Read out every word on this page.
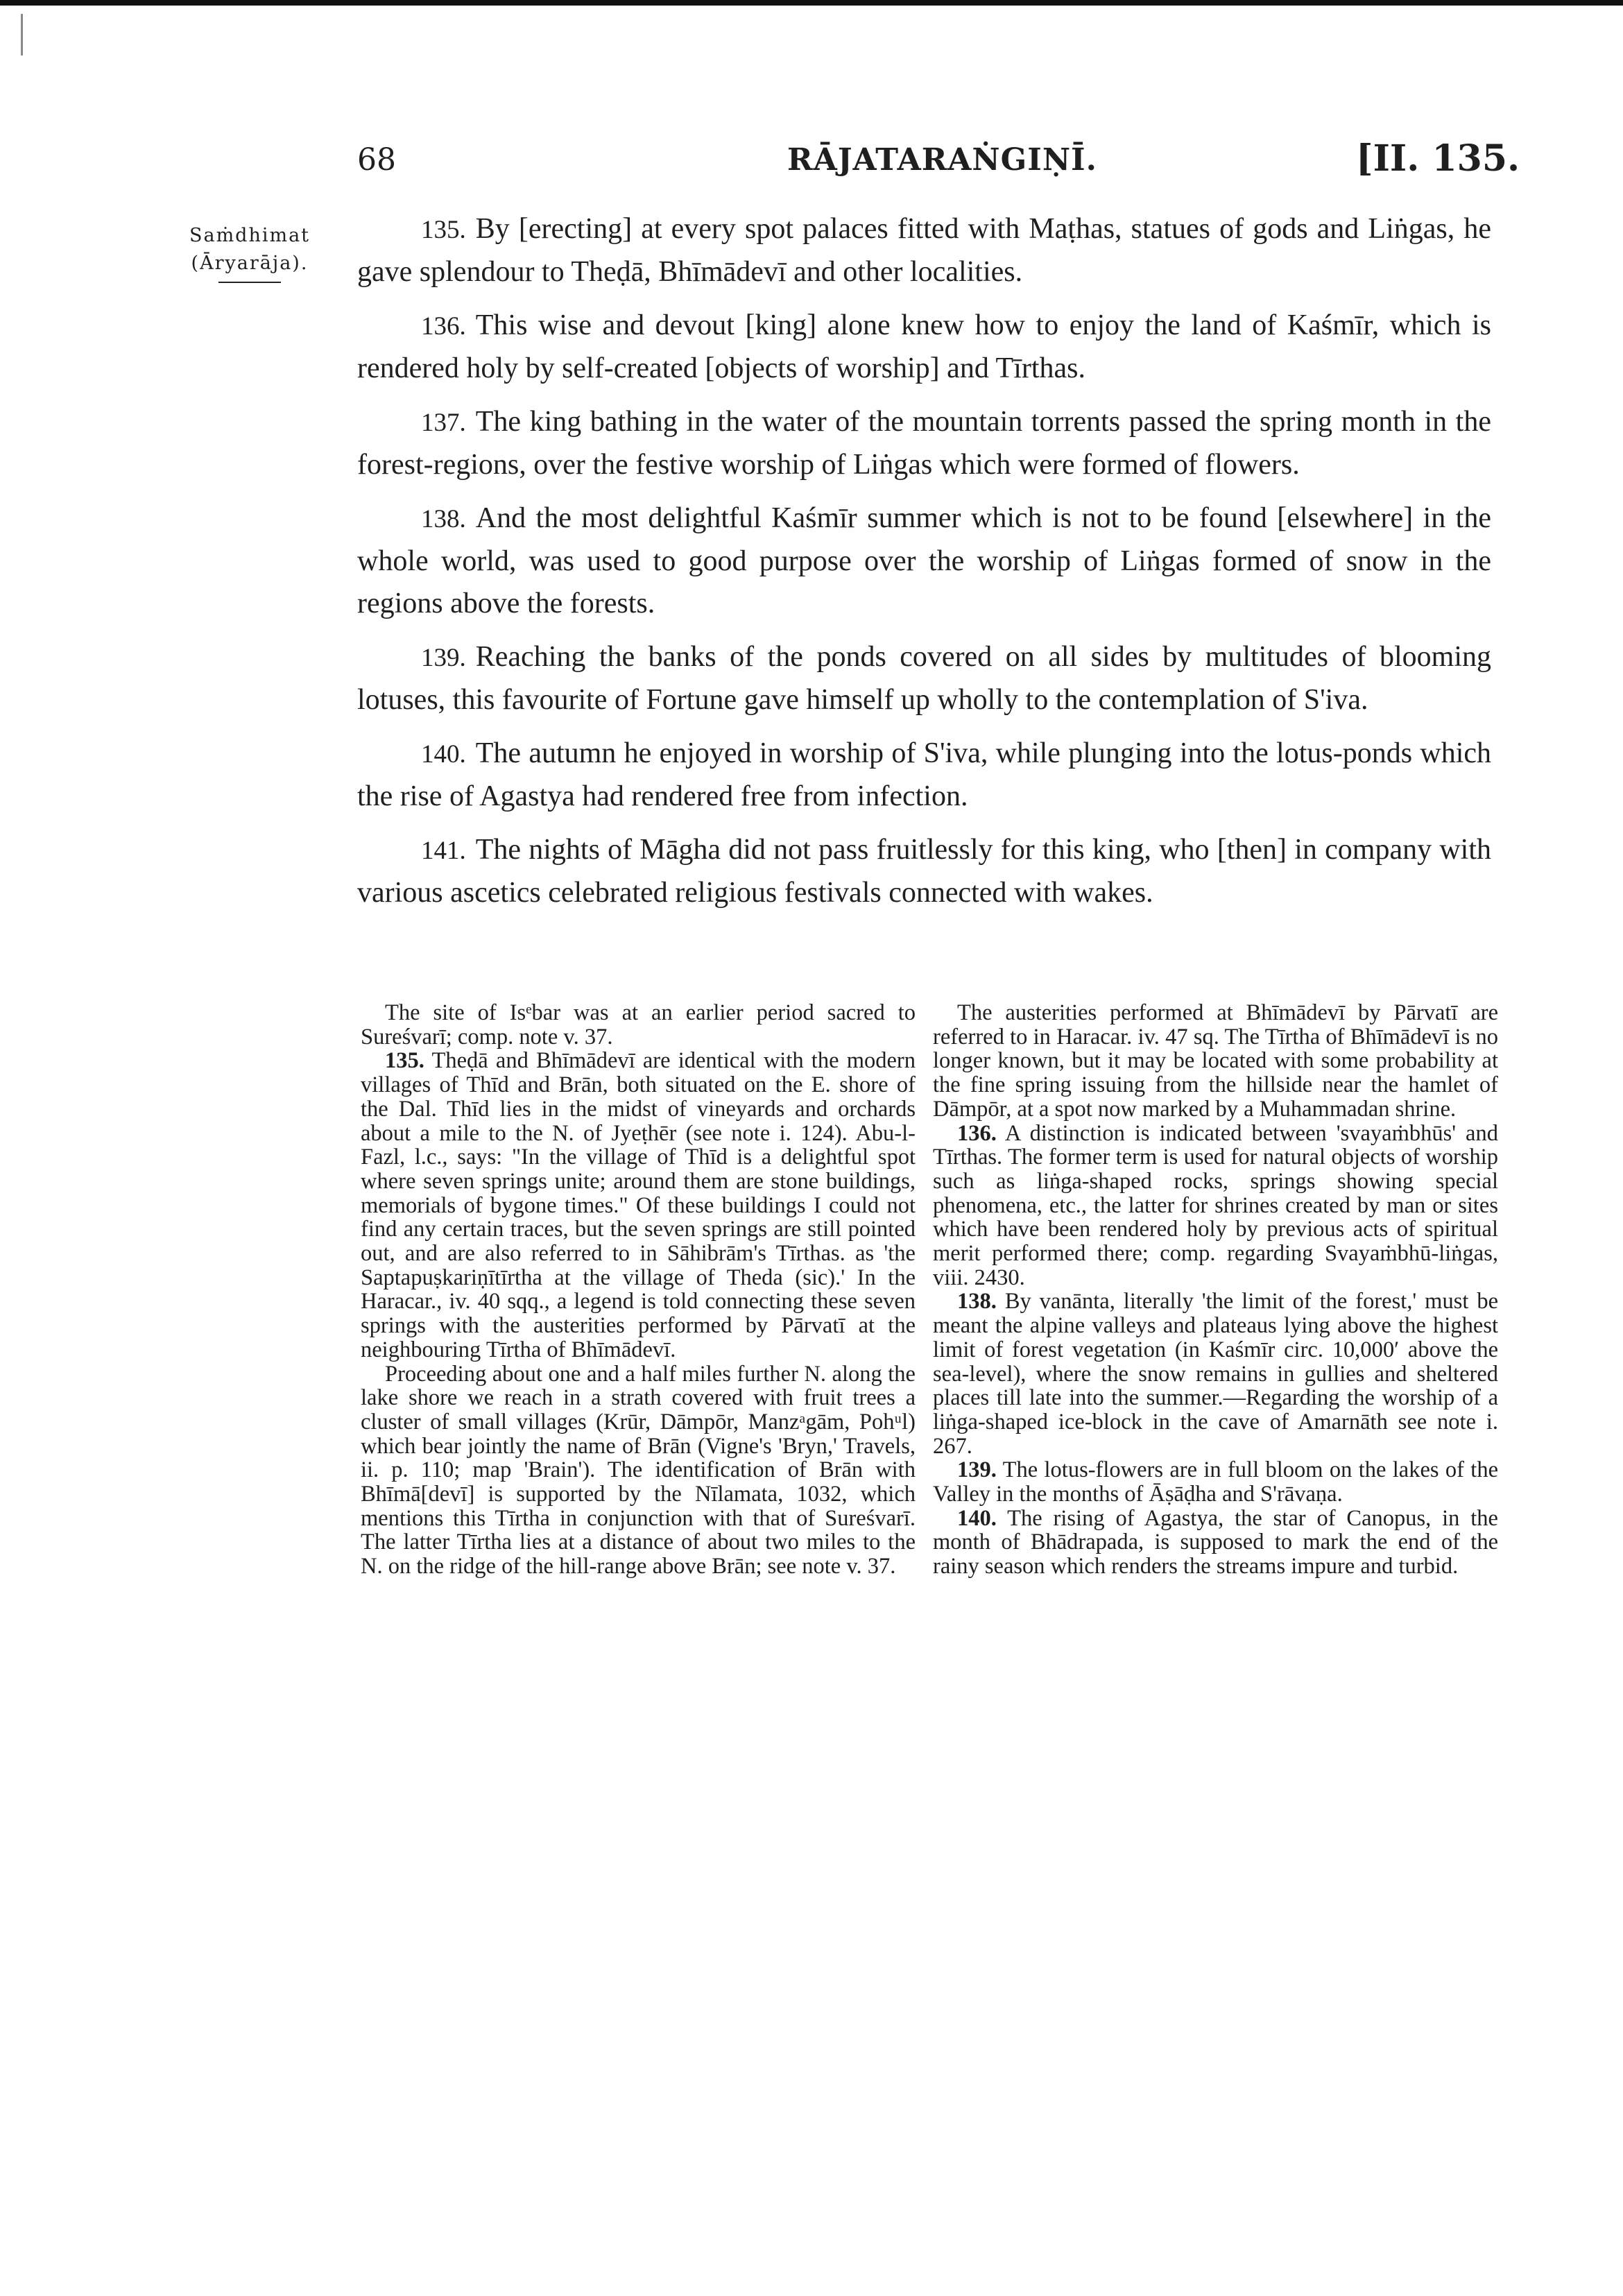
68	RĀJATARAṄGIṆĪ.	[II. 135.
Saṁdhimat
(Āryarāja).

135. By [erecting] at every spot palaces fitted with Maṭhas, statues of gods and Liṅgas, he gave splendour to Theḍā, Bhīmādevī and other localities.

136. This wise and devout [king] alone knew how to enjoy the land of Kaśmīr, which is rendered holy by self-created [objects of worship] and Tīrthas.

137. The king bathing in the water of the mountain torrents passed the spring month in the forest-regions, over the festive worship of Liṅgas which were formed of flowers.

138. And the most delightful Kaśmīr summer which is not to be found [elsewhere] in the whole world, was used to good purpose over the worship of Liṅgas formed of snow in the regions above the forests.

139. Reaching the banks of the ponds covered on all sides by multitudes of blooming lotuses, this favourite of Fortune gave himself up wholly to the contemplation of S'iva.

140. The autumn he enjoyed in worship of S'iva, while plunging into the lotus-ponds which the rise of Agastya had rendered free from infection.

141. The nights of Māgha did not pass fruitlessly for this king, who [then] in company with various ascetics celebrated religious festivals connected with wakes.

The site of Isᵉbar was at an earlier period sacred to Sureśvarī; comp. note v. 37.

135. Theḍā and Bhīmādevī are identical with the modern villages of Thīd and Brān, both situated on the E. shore of the Dal. Thīd lies in the midst of vineyards and orchards about a mile to the N. of Jyeṭhēr (see note i. 124). Abu-l-Fazl, l.c., says: "In the village of Thīd is a delightful spot where seven springs unite; around them are stone buildings, memorials of bygone times." Of these buildings I could not find any certain traces, but the seven springs are still pointed out, and are also referred to in Sāhibrām's Tīrthas. as 'the Saptapuṣkariṇītīrtha at the village of Theda (sic).' In the Haracar., iv. 40 sqq., a legend is told connecting these seven springs with the austerities performed by Pārvatī at the neighbouring Tīrtha of Bhīmādevī.

Proceeding about one and a half miles further N. along the lake shore we reach in a strath covered with fruit trees a cluster of small villages (Krūr, Dāmpōr, Manzᵃgām, Pohᵘl) which bear jointly the name of Brān (Vigne's 'Bryn,' Travels, ii. p. 110; map 'Brain'). The identification of Brān with Bhīmā[devī] is supported by the Nīlamata, 1032, which mentions this Tīrtha in conjunction with that of Sureśvarī. The latter Tīrtha lies at a distance of about two miles to the N. on the ridge of the hill-range above Brān; see note v. 37.

The austerities performed at Bhīmādevī by Pārvatī are referred to in Haracar. iv. 47 sq. The Tīrtha of Bhīmādevī is no longer known, but it may be located with some probability at the fine spring issuing from the hillside near the hamlet of Dāmpōr, at a spot now marked by a Muhammadan shrine.

136. A distinction is indicated between 'svayaṁbhūs' and Tīrthas. The former term is used for natural objects of worship such as liṅga-shaped rocks, springs showing special phenomena, etc., the latter for shrines created by man or sites which have been rendered holy by previous acts of spiritual merit performed there; comp. regarding Svayaṁbhū-liṅgas, viii. 2430.

138. By vanānta, literally 'the limit of the forest,' must be meant the alpine valleys and plateaus lying above the highest limit of forest vegetation (in Kaśmīr circ. 10,000′ above the sea-level), where the snow remains in gullies and sheltered places till late into the summer.—Regarding the worship of a liṅga-shaped ice-block in the cave of Amarnāth see note i. 267.

139. The lotus-flowers are in full bloom on the lakes of the Valley in the months of Āṣāḍha and S'rāvaṇa.

140. The rising of Agastya, the star of Canopus, in the month of Bhādrapada, is supposed to mark the end of the rainy season which renders the streams impure and turbid.
